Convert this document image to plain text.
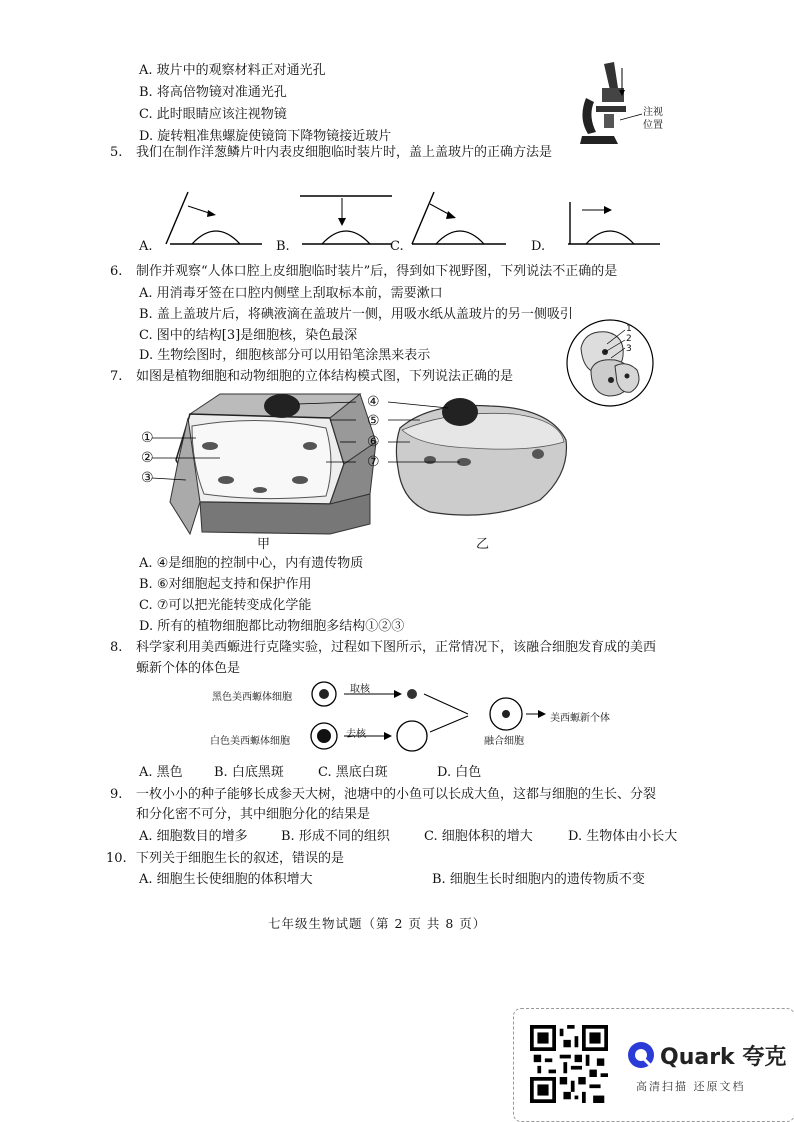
A. 玻片中的观察材料正对通光孔
B. 将高倍物镜对准通光孔
C. 此时眼睛应该注视物镜
D. 旋转粗准焦螺旋使镜筒下降物镜接近玻片
注视
位置
5. 我们在制作洋葱鳞片叶内表皮细胞临时装片时，盖上盖玻片的正确方法是
A.	B.	C.	D.
6. 制作并观察“人体口腔上皮细胞临时装片”后，得到如下视野图，下列说法不正确的是
A. 用消毒牙签在口腔内侧壁上刮取标本前，需要漱口
B. 盖上盖玻片后，将碘液滴在盖玻片一侧，用吸水纸从盖玻片的另一侧吸引
C. 图中的结构[3]是细胞核，染色最深
D. 生物绘图时，细胞核部分可以用铅笔涂黑来表示
1
2
3
7. 如图是植物细胞和动物细胞的立体结构模式图，下列说法正确的是
①
②
③
④
⑤
⑥
⑦
甲	乙
A. ④是细胞的控制中心，内有遗传物质
B. ⑥对细胞起支持和保护作用
C. ⑦可以把光能转变成化学能
D. 所有的植物细胞都比动物细胞多结构①②③
8. 科学家利用美西螈进行克隆实验，过程如下图所示，正常情况下，该融合细胞发育成的美西
螈新个体的体色是
黑色美西螈体细胞
取核
白色美西螈体细胞
去核
美西螈新个体
融合细胞
A. 黑色 B. 白底黑斑	C. 黑底白斑	D. 白色
9. 一枚小小的种子能够长成参天大树，池塘中的小鱼可以长成大鱼，这都与细胞的生长、分裂
和分化密不可分，其中细胞分化的结果是
A. 细胞数目的增多	B. 形成不同的组织	C. 细胞体积的增大	D. 生物体由小长大
10. 下列关于细胞生长的叙述，错误的是
A. 细胞生长使细胞的体积增大	B. 细胞生长时细胞内的遗传物质不变
七年级生物试题（第 2 页 共 8 页）
Quark 夸克
高清扫描 还原文档
